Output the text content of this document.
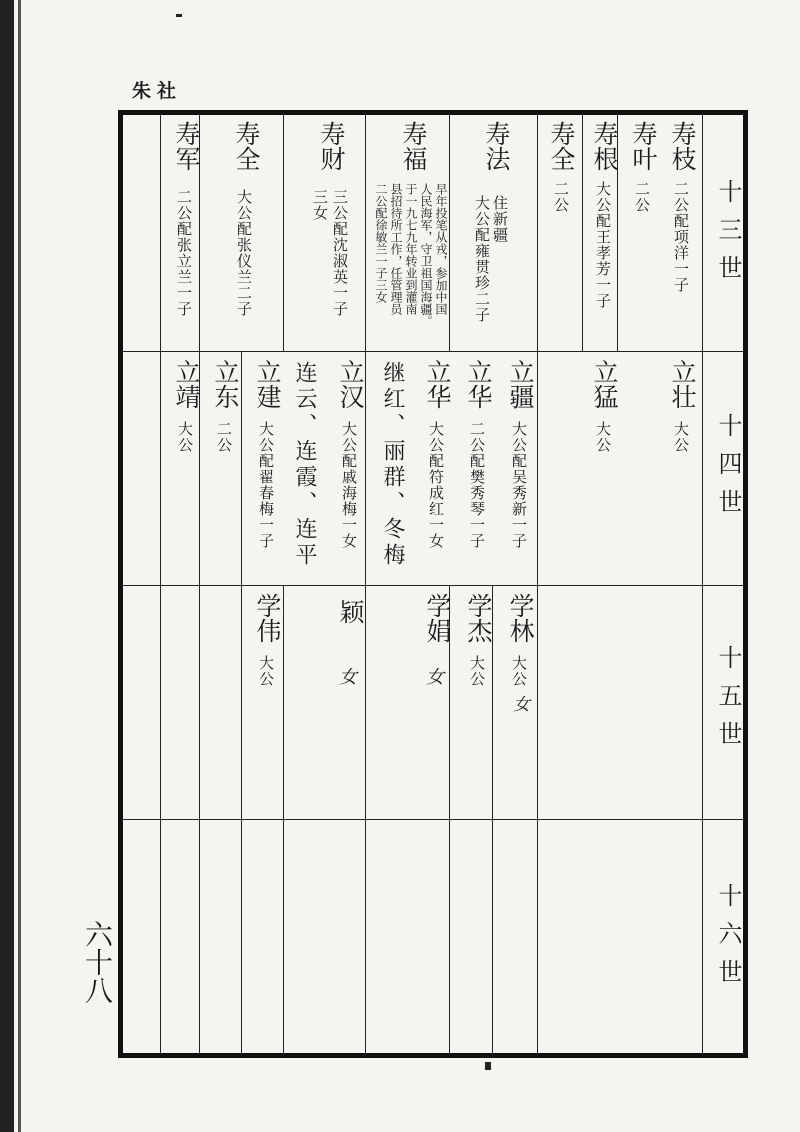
朱社
十三世
十四世
十五世
十六世
寿枝
二公配项洋一子
寿叶
二公
寿根
大公配王孝芳一子
寿全
二公
寿法
住新疆
大公配雍贯珍二子
寿福
早年投笔从戎，参加中国
人民海军，守卫祖国海疆。
于一九七九年转业到灌南
县招待所工作，任管理员
二公配徐敏兰一子三女
寿财
三公配沈淑英一子
三女
寿全
大公配张仪兰二子
寿军
二公配张立兰一子
立壮
大公
立猛
大公
立疆
大公配吴秀新一子
立华
二公配樊秀琴一子
立华
大公配符成红一女
继红、丽群、冬梅
立汉
大公配戚海梅一女
连云、连霞、连平
立建
大公配翟春梅一子
立东
二公
立靖
大公
学林
大公
女
学杰
大公
学娟
女
颖
女
学伟
大公
六十八
